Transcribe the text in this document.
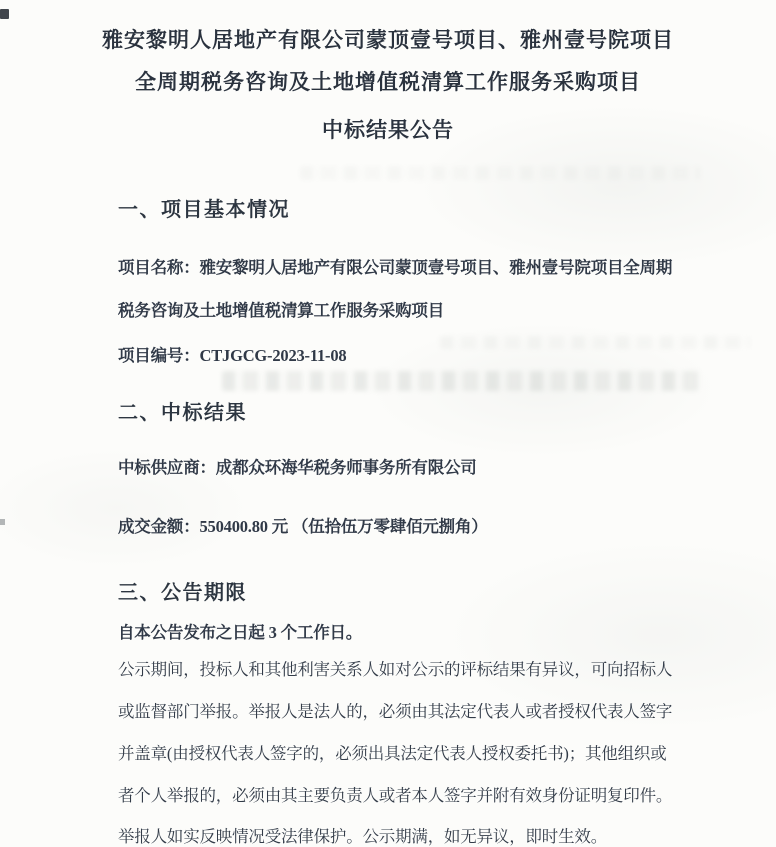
雅安黎明人居地产有限公司蒙顶壹号项目、雅州壹号院项目
全周期税务咨询及土地增值税清算工作服务采购项目
中标结果公告
一、项目基本情况
项目名称：雅安黎明人居地产有限公司蒙顶壹号项目、雅州壹号院项目全周期
税务咨询及土地增值税清算工作服务采购项目
项目编号：CTJGCG-2023-11-08
二、中标结果
中标供应商：成都众环海华税务师事务所有限公司
成交金额：550400.80 元 （伍拾伍万零肆佰元捌角）
三、公告期限
自本公告发布之日起 3 个工作日。
公示期间，投标人和其他利害关系人如对公示的评标结果有异议，可向招标人
或监督部门举报。举报人是法人的，必须由其法定代表人或者授权代表人签字
并盖章(由授权代表人签字的，必须出具法定代表人授权委托书)；其他组织或
者个人举报的，必须由其主要负责人或者本人签字并附有效身份证明复印件。
举报人如实反映情况受法律保护。公示期满，如无异议，即时生效。
